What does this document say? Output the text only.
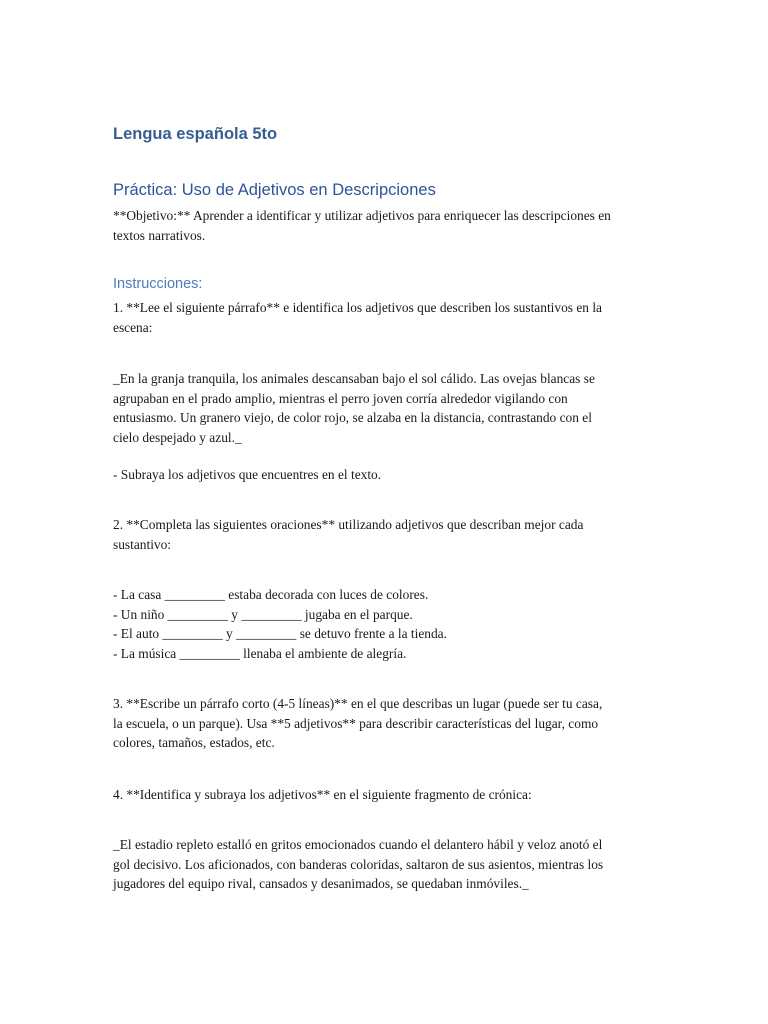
Lengua española 5to
Práctica: Uso de Adjetivos en Descripciones
**Objetivo:** Aprender a identificar y utilizar adjetivos para enriquecer las descripciones en
textos narrativos.
Instrucciones:
1. **Lee el siguiente párrafo** e identifica los adjetivos que describen los sustantivos en la
escena:
_En la granja tranquila, los animales descansaban bajo el sol cálido. Las ovejas blancas se
agrupaban en el prado amplio, mientras el perro joven corría alrededor vigilando con
entusiasmo. Un granero viejo, de color rojo, se alzaba en la distancia, contrastando con el
cielo despejado y azul._
- Subraya los adjetivos que encuentres en el texto.
2. **Completa las siguientes oraciones** utilizando adjetivos que describan mejor cada
sustantivo:
- La casa _________ estaba decorada con luces de colores.
- Un niño _________ y _________ jugaba en el parque.
- El auto _________ y _________ se detuvo frente a la tienda.
- La música _________ llenaba el ambiente de alegría.
3. **Escribe un párrafo corto (4-5 líneas)** en el que describas un lugar (puede ser tu casa,
la escuela, o un parque). Usa **5 adjetivos** para describir características del lugar, como
colores, tamaños, estados, etc.
4. **Identifica y subraya los adjetivos** en el siguiente fragmento de crónica:
_El estadio repleto estalló en gritos emocionados cuando el delantero hábil y veloz anotó el
gol decisivo. Los aficionados, con banderas coloridas, saltaron de sus asientos, mientras los
jugadores del equipo rival, cansados y desanimados, se quedaban inmóviles._
